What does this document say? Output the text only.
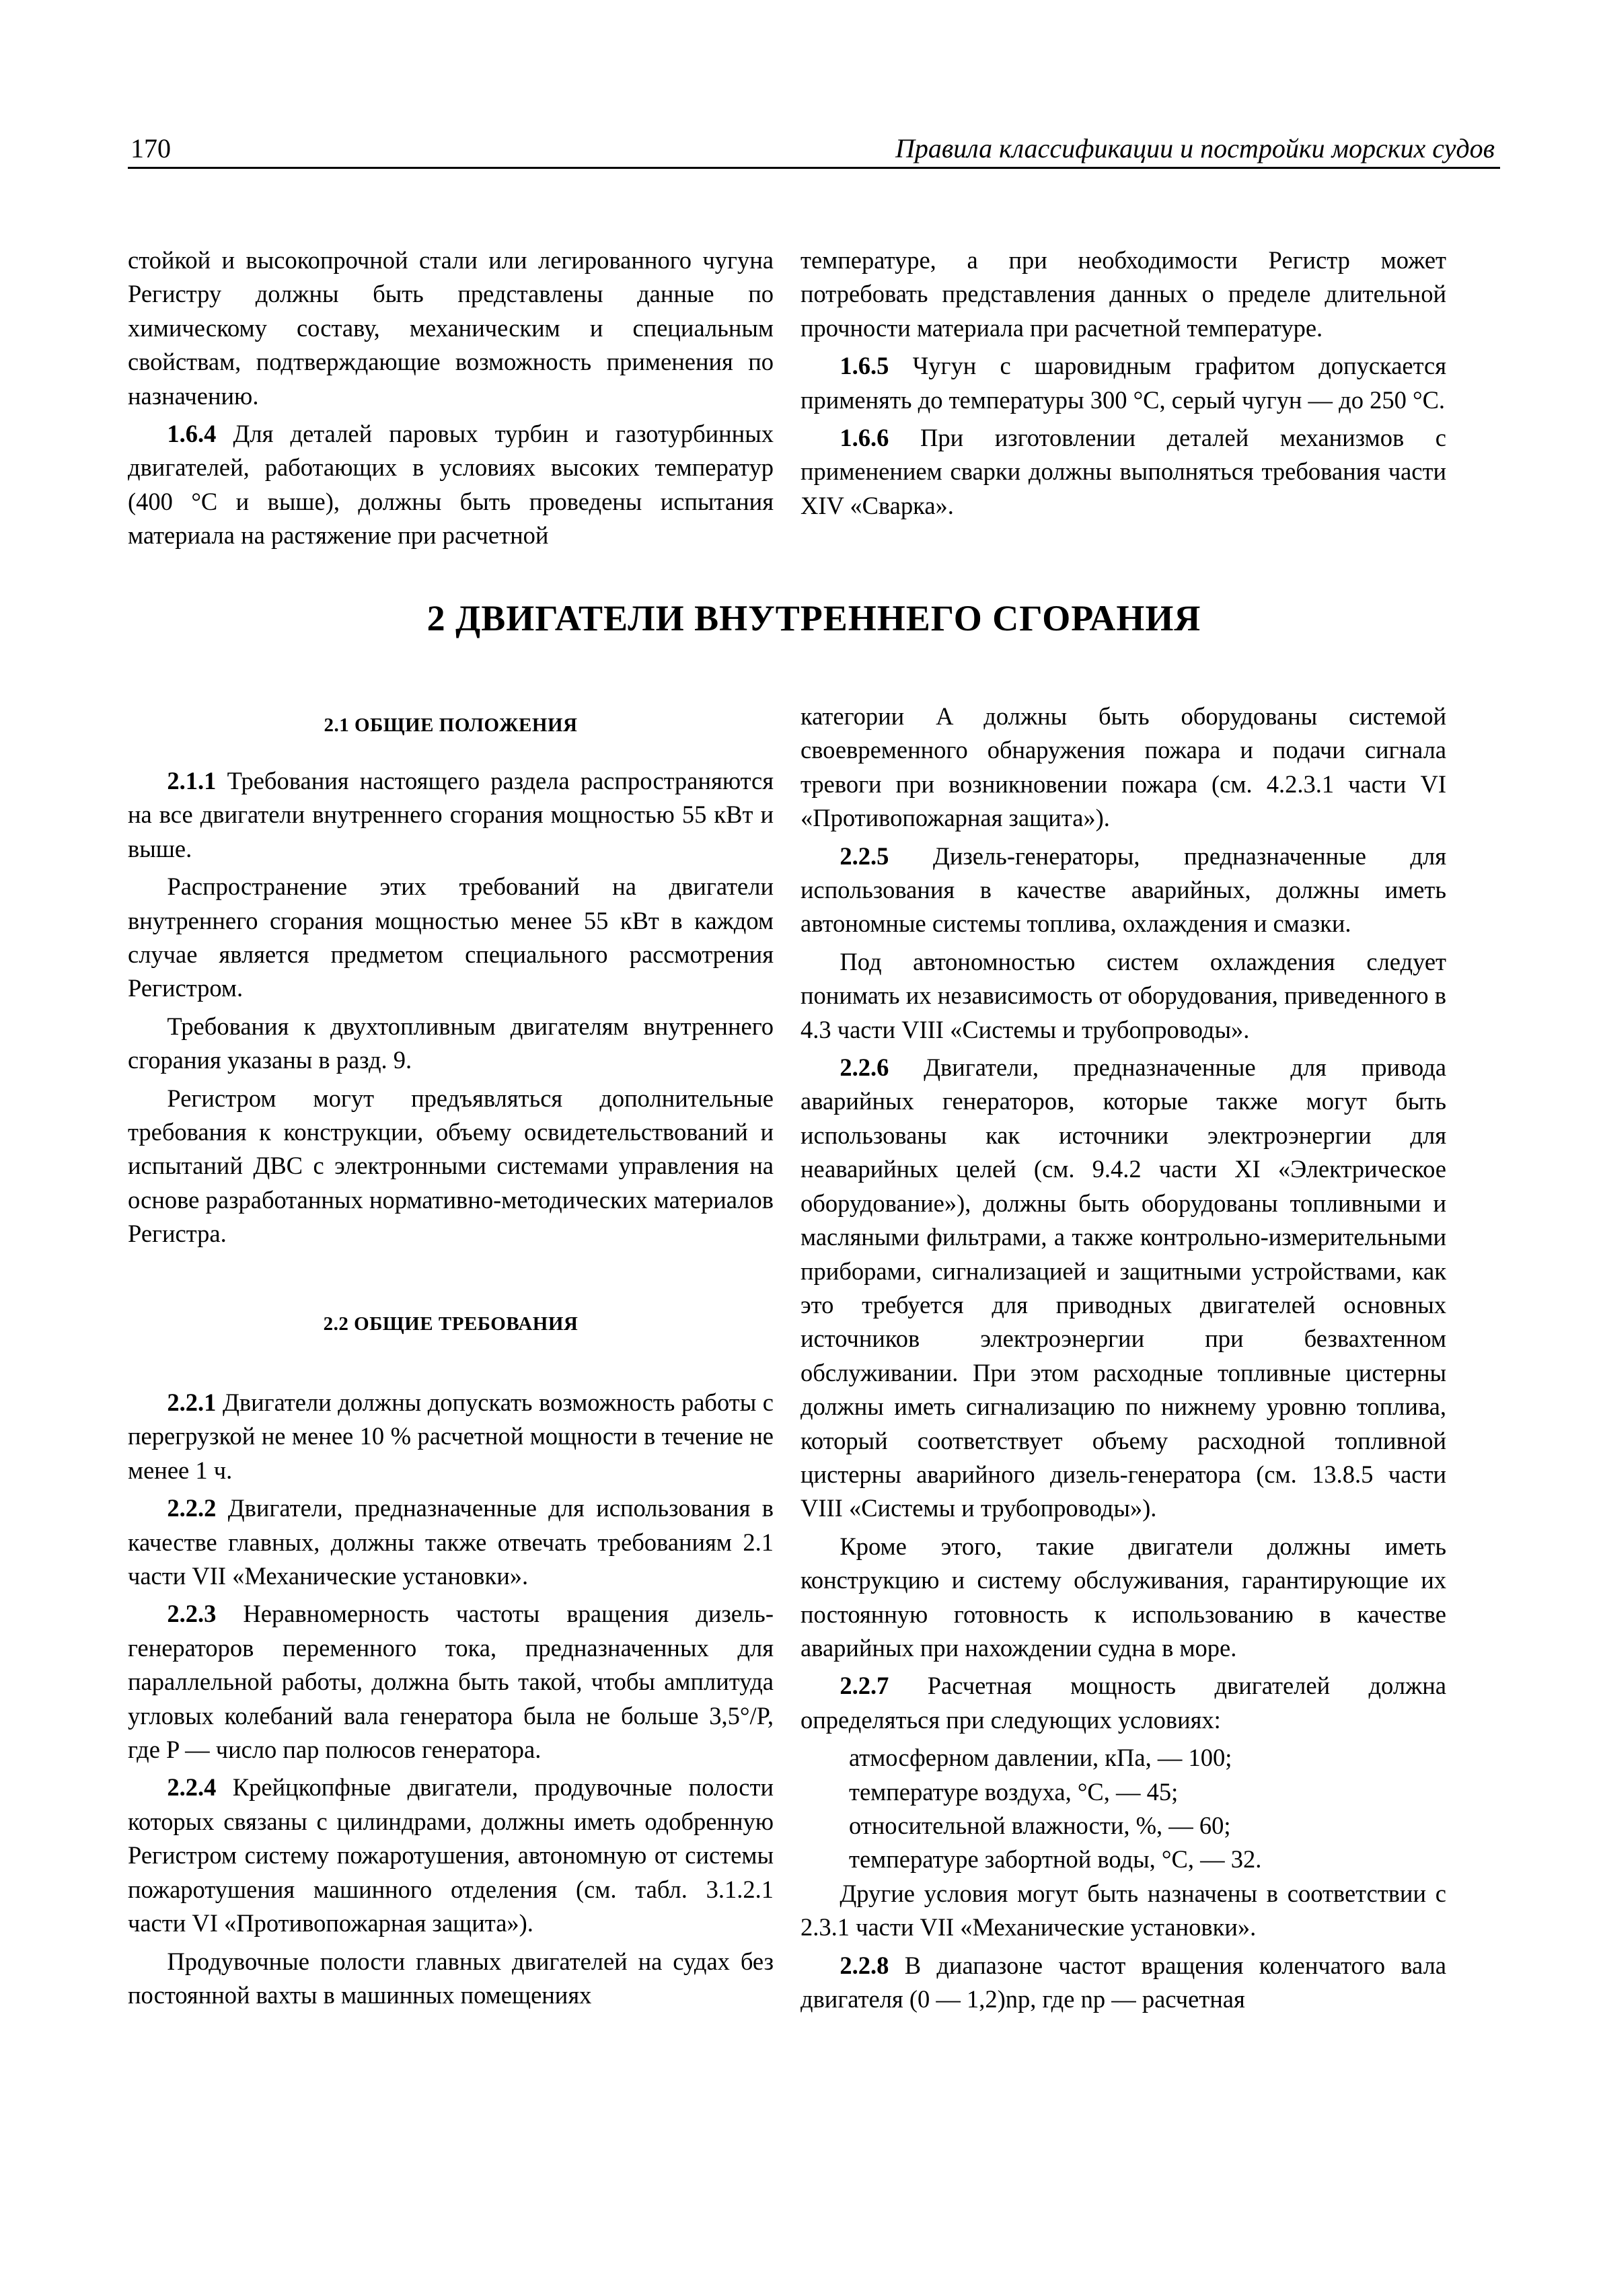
170	Правила классификации и постройки морских судов

стойкой и высокопрочной стали или легированного чугуна Регистру должны быть представлены данные по химическому составу, механическим и специальным свойствам, подтверждающие возможность применения по назначению.

1.6.4 Для деталей паровых турбин и газотурбинных двигателей, работающих в условиях высоких температур (400 °С и выше), должны быть проведены испытания материала на растяжение при расчетной

температуре, а при необходимости Регистр может потребовать представления данных о пределе длительной прочности материала при расчетной температуре.

1.6.5 Чугун с шаровидным графитом допускается применять до температуры 300 °С, серый чугун — до 250 °С.

1.6.6 При изготовлении деталей механизмов с применением сварки должны выполняться требования части XIV «Сварка».

2 ДВИГАТЕЛИ ВНУТРЕННЕГО СГОРАНИЯ
2.1 ОБЩИЕ ПОЛОЖЕНИЯ

2.1.1 Требования настоящего раздела распространяются на все двигатели внутреннего сгорания мощностью 55 кВт и выше.

Распространение этих требований на двигатели внутреннего сгорания мощностью менее 55 кВт в каждом случае является предметом специального рассмотрения Регистром.

Требования к двухтопливным двигателям внутреннего сгорания указаны в разд. 9.

Регистром могут предъявляться дополнительные требования к конструкции, объему освидетельствований и испытаний ДВС с электронными системами управления на основе разработанных нормативно-методических материалов Регистра.

2.2 ОБЩИЕ ТРЕБОВАНИЯ

2.2.1 Двигатели должны допускать возможность работы с перегрузкой не менее 10 % расчетной мощности в течение не менее 1 ч.

2.2.2 Двигатели, предназначенные для использования в качестве главных, должны также отвечать требованиям 2.1 части VII «Механические установки».

2.2.3 Неравномерность частоты вращения дизель-генераторов переменного тока, предназначенных для параллельной работы, должна быть такой, чтобы амплитуда угловых колебаний вала генератора была не больше 3,5°/P, где P — число пар полюсов генератора.

2.2.4 Крейцкопфные двигатели, продувочные полости которых связаны с цилиндрами, должны иметь одобренную Регистром систему пожаротушения, автономную от системы пожаротушения машинного отделения (см. табл. 3.1.2.1 части VI «Противопожарная защита»).

Продувочные полости главных двигателей на судах без постоянной вахты в машинных помещениях

категории A должны быть оборудованы системой своевременного обнаружения пожара и подачи сигнала тревоги при возникновении пожара (см. 4.2.3.1 части VI «Противопожарная защита»).

2.2.5 Дизель-генераторы, предназначенные для использования в качестве аварийных, должны иметь автономные системы топлива, охлаждения и смазки.

Под автономностью систем охлаждения следует понимать их независимость от оборудования, приведенного в 4.3 части VIII «Системы и трубопроводы».

2.2.6 Двигатели, предназначенные для привода аварийных генераторов, которые также могут быть использованы как источники электроэнергии для неаварийных целей (см. 9.4.2 части XI «Электрическое оборудование»), должны быть оборудованы топливными и масляными фильтрами, а также контрольно-измерительными приборами, сигнализацией и защитными устройствами, как это требуется для приводных двигателей основных источников электроэнергии при безвахтенном обслуживании. При этом расходные топливные цистерны должны иметь сигнализацию по нижнему уровню топлива, который соответствует объему расходной топливной цистерны аварийного дизель-генератора (см. 13.8.5 части VIII «Системы и трубопроводы»).

Кроме этого, такие двигатели должны иметь конструкцию и систему обслуживания, гарантирующие их постоянную готовность к использованию в качестве аварийных при нахождении судна в море.

2.2.7 Расчетная мощность двигателей должна определяться при следующих условиях:

атмосферном давлении, кПа, — 100;

температуре воздуха, °С, — 45;

относительной влажности, %, — 60;

температуре забортной воды, °С, — 32.

Другие условия могут быть назначены в соответствии с 2.3.1 части VII «Механические установки».

2.2.8 В диапазоне частот вращения коленчатого вала двигателя (0 — 1,2)nр, где nр — расчетная
